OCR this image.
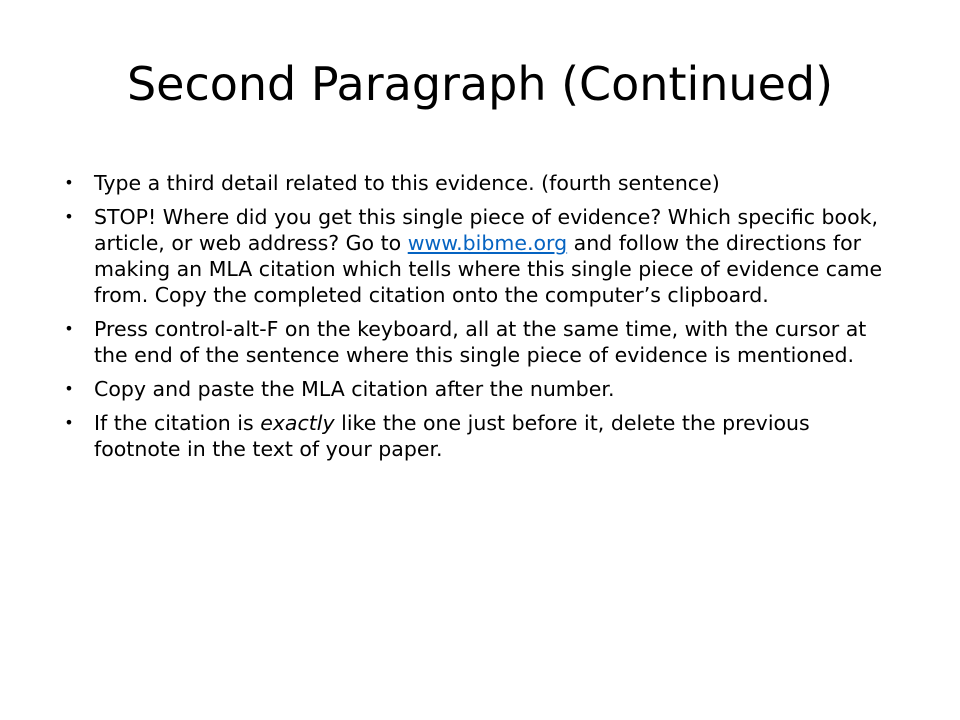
Second Paragraph (Continued)
• Type a third detail related to this evidence. (fourth sentence)
• STOP! Where did you get this single piece of evidence? Which specific book, article, or web address? Go to www.bibme.org and follow the directions for making an MLA citation which tells where this single piece of evidence came from. Copy the completed citation onto the computer’s clipboard.
• Press control-alt-F on the keyboard, all at the same time, with the cursor at the end of the sentence where this single piece of evidence is mentioned.
• Copy and paste the MLA citation after the number.
• If the citation is exactly like the one just before it, delete the previous footnote in the text of your paper.
